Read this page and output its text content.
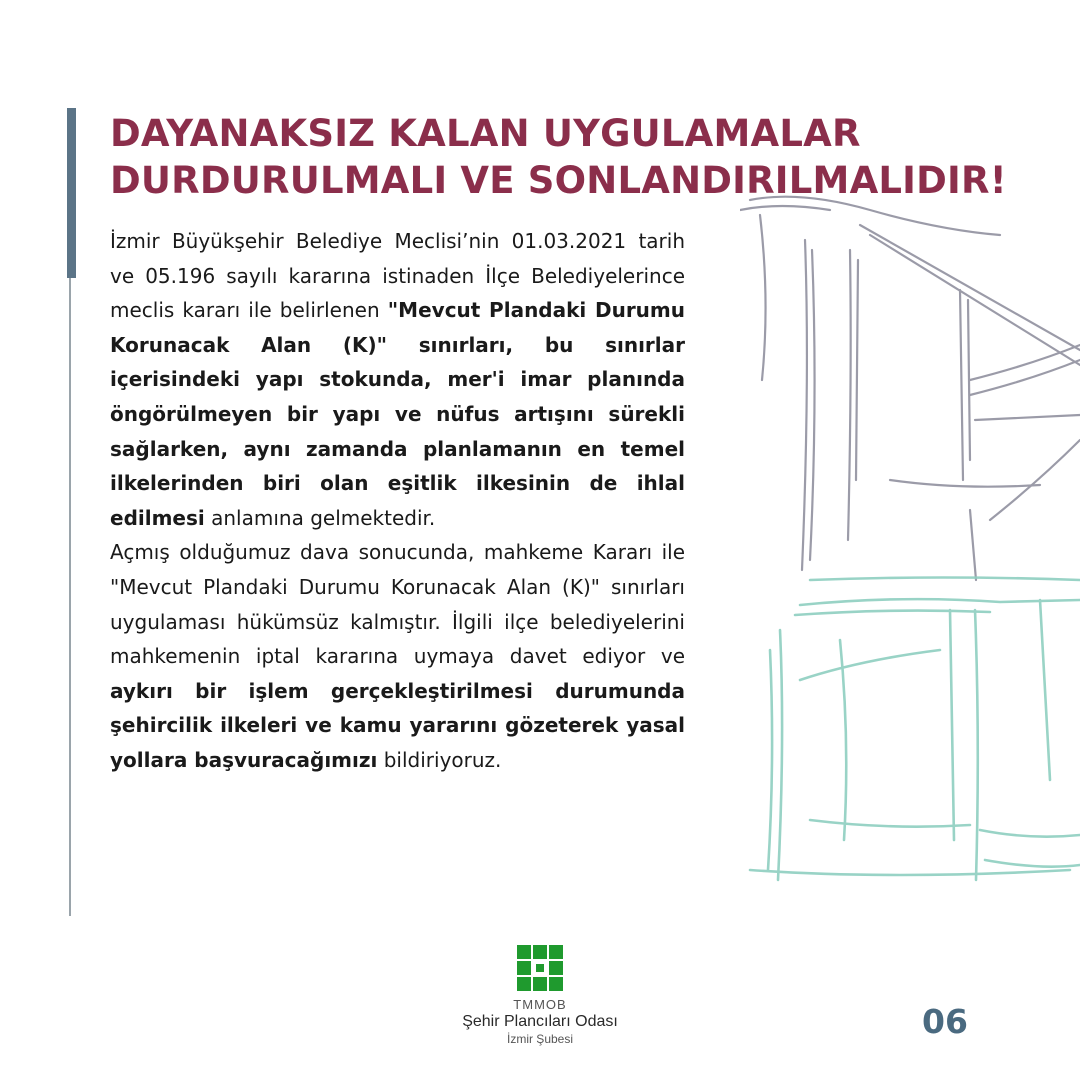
DAYANAKSIZ KALAN UYGULAMALAR
DURDURULMALI VE SONLANDIRILMALIDIR!

İzmir Büyükşehir Belediye Meclisi’nin 01.03.2021 tarih ve 05.196 sayılı kararına istinaden İlçe Belediyelerince meclis kararı ile belirlenen "Mevcut Plandaki Durumu Korunacak Alan (K)" sınırları, bu sınırlar içerisindeki yapı stokunda, mer'i imar planında öngörülmeyen bir yapı ve nüfus artışını sürekli sağlarken, aynı zamanda planlamanın en temel ilkelerinden biri olan eşitlik ilkesinin de ihlal edilmesi anlamına gelmektedir.

Açmış olduğumuz dava sonucunda, mahkeme Kararı ile "Mevcut Plandaki Durumu Korunacak Alan (K)" sınırları uygulaması hükümsüz kalmıştır. İlgili ilçe belediyelerini mahkemenin iptal kararına uymaya davet ediyor ve aykırı bir işlem gerçekleştirilmesi durumunda şehircilik ilkeleri ve kamu yararını gözeterek yasal yollara başvuracağımızı bildiriyoruz.

TMMOB
Şehir Plancıları Odası
İzmir Şubesi	06
